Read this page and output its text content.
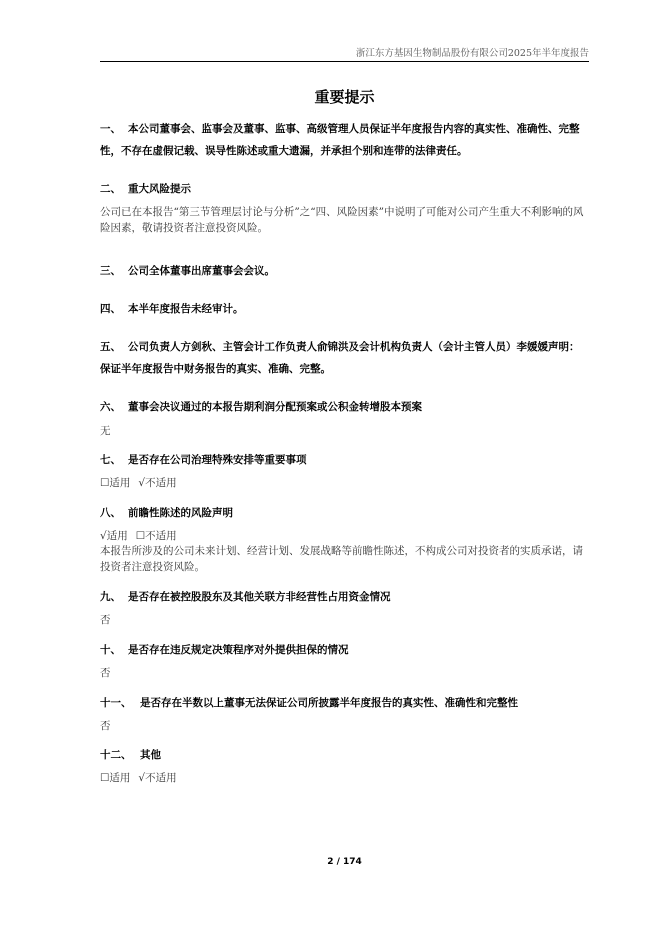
浙江东方基因生物制品股份有限公司2025年半年度报告
重要提示
一、 本公司董事会、监事会及董事、监事、高级管理人员保证半年度报告内容的真实性、准确性、完整性，不存在虚假记载、误导性陈述或重大遗漏，并承担个别和连带的法律责任。
二、 重大风险提示
公司已在本报告“第三节管理层讨论与分析”之“四、风险因素”中说明了可能对公司产生重大不利影响的风险因素，敬请投资者注意投资风险。
三、 公司全体董事出席董事会会议。
四、 本半年度报告未经审计。
五、 公司负责人方剑秋、主管会计工作负责人俞锦洪及会计机构负责人（会计主管人员）李媛媛声明：保证半年度报告中财务报告的真实、准确、完整。
六、 董事会决议通过的本报告期利润分配预案或公积金转增股本预案
无
七、 是否存在公司治理特殊安排等重要事项
☐适用 √不适用
八、 前瞻性陈述的风险声明
√适用 ☐不适用
本报告所涉及的公司未来计划、经营计划、发展战略等前瞻性陈述，不构成公司对投资者的实质承诺，请投资者注意投资风险。
九、 是否存在被控股股东及其他关联方非经营性占用资金情况
否
十、 是否存在违反规定决策程序对外提供担保的情况
否
十一、 是否存在半数以上董事无法保证公司所披露半年度报告的真实性、准确性和完整性
否
十二、 其他
☐适用 √不适用
2 / 174
